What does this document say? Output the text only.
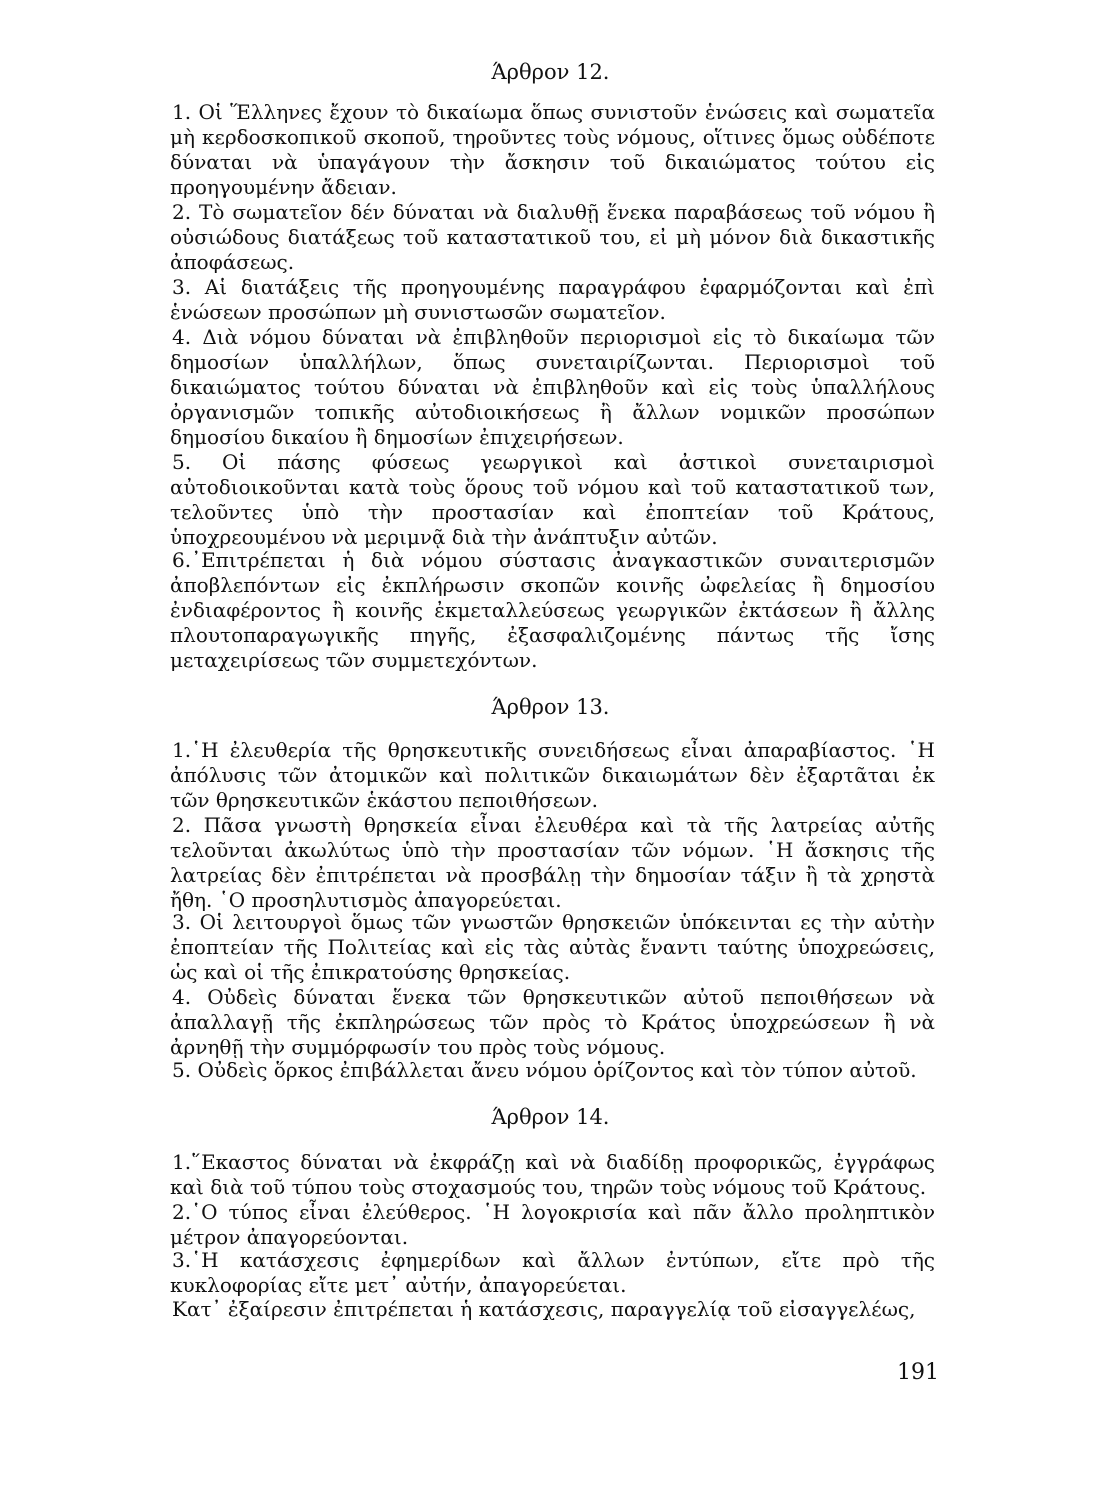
Άρθρον 12.

1. Οἱ Ἕλληνες ἔχουν τὸ δικαίωμα ὅπως συνιστοῦν ἑνώσεις καὶ σωματεῖα μὴ κερδοσκοπικοῦ σκοποῦ, τηροῦντες τοὺς νόμους, οἵτινες ὅμως οὐδέποτε δύναται νὰ ὑπαγάγουν τὴν ἄσκησιν τοῦ δικαιώματος τούτου εἰς προηγουμένην ἄδειαν.

2. Τὸ σωματεῖον δέν δύναται νὰ διαλυθῇ ἕνεκα παραβάσεως τοῦ νόμου ἢ οὐσιώδους διατάξεως τοῦ καταστατικοῦ του, εἰ μὴ μόνον διὰ δικαστικῆς ἀποφάσεως.

3. Αἱ διατάξεις τῆς προηγουμένης παραγράφου ἐφαρμόζονται καὶ ἐπὶ ἑνώσεων προσώπων μὴ συνιστωσῶν σωματεῖον.

4. Διὰ νόμου δύναται νὰ ἐπιβληθοῦν περιορισμοὶ εἰς τὸ δικαίωμα τῶν δημοσίων ὑπαλλήλων, ὅπως συνεταιρίζωνται. Περιορισμοὶ τοῦ δικαιώματος τούτου δύναται νὰ ἐπιβληθοῦν καὶ εἰς τοὺς ὑπαλλήλους ὀργανισμῶν τοπικῆς αὐτοδιοικήσεως ἢ ἄλλων νομικῶν προσώπων δημοσίου δικαίου ἢ δημοσίων ἐπιχειρήσεων.

5. Οἱ πάσης φύσεως γεωργικοὶ καὶ ἀστικοὶ συνεταιρισμοὶ αὐτοδιοικοῦνται κατὰ τοὺς ὅρους τοῦ νόμου καὶ τοῦ καταστατικοῦ των, τελοῦντες ὑπὸ τὴν προστασίαν καὶ ἐποπτείαν τοῦ Κράτους, ὑποχρεουμένου νὰ μεριμνᾷ διὰ τὴν ἀνάπτυξιν αὐτῶν.

6.᾿Επιτρέπεται ἡ διὰ νόμου σύστασις ἀναγκαστικῶν συναιτερισμῶν ἀποβλεπόντων εἰς ἐκπλήρωσιν σκοπῶν κοινῆς ὠφελείας ἢ δημοσίου ἐνδιαφέροντος ἢ κοινῆς ἐκμεταλλεύσεως γεωργικῶν ἐκτάσεων ἢ ἄλλης πλουτοπαραγωγικῆς πηγῆς, ἐξασφαλιζομένης πάντως τῆς ἴσης μεταχειρίσεως τῶν συμμετεχόντων.

Άρθρον 13.

1.῾Η ἐλευθερία τῆς θρησκευτικῆς συνειδήσεως εἶναι ἀπαραβίαστος. ῾Η ἀπόλυσις τῶν ἀτομικῶν καὶ πολιτικῶν δικαιωμάτων δὲν ἐξαρτᾶται ἐκ τῶν θρησκευτικῶν ἑκάστου πεποιθήσεων.

2. Πᾶσα γνωστὴ θρησκεία εἶναι ἐλευθέρα καὶ τὰ τῆς λατρείας αὐτῆς τελοῦνται ἀκωλύτως ὑπὸ τὴν προστασίαν τῶν νόμων. ῾Η ἄσκησις τῆς λατρείας δὲν ἐπιτρέπεται νὰ προσβάλῃ τὴν δημοσίαν τάξιν ἢ τὰ χρηστὰ ἤθη. ῾Ο προσηλυτισμὸς ἀπαγορεύεται.

3. Οἱ λειτουργοὶ ὅμως τῶν γνωστῶν θρησκειῶν ὑπόκεινται ες τὴν αὐτὴν ἐποπτείαν τῆς Πολιτείας καὶ εἰς τὰς αὐτὰς ἔναντι ταύτης ὑποχρεώσεις, ὡς καὶ οἱ τῆς ἐπικρατούσης θρησκείας.

4. Οὐδεὶς δύναται ἕνεκα τῶν θρησκευτικῶν αὐτοῦ πεποιθήσεων νὰ ἀπαλλαγῇ τῆς ἐκπληρώσεως τῶν πρὸς τὸ Κράτος ὑποχρεώσεων ἢ νὰ ἀρνηθῇ τὴν συμμόρφωσίν του πρὸς τοὺς νόμους.

5. Οὐδεὶς ὅρκος ἐπιβάλλεται ἄνευ νόμου ὁρίζοντος καὶ τὸν τύπον αὐτοῦ.

Άρθρον 14.

1.῞Εκαστος δύναται νὰ ἐκφράζῃ καὶ νὰ διαδίδῃ προφορικῶς, ἐγγράφως καὶ διὰ τοῦ τύπου τοὺς στοχασμούς του, τηρῶν τοὺς νόμους τοῦ Κράτους.

2.῾Ο τύπος εἶναι ἐλεύθερος. ῾Η λογοκρισία καὶ πᾶν ἄλλο προληπτικὸν μέτρον ἀπαγορεύονται.

3.῾Η κατάσχεσις ἐφημερίδων καὶ ἄλλων ἐντύπων, εἴτε πρὸ τῆς κυκλοφορίας εἴτε μετ᾿ αὐτήν, ἀπαγορεύεται.

Κατ᾿ ἐξαίρεσιν ἐπιτρέπεται ἡ κατάσχεσις, παραγγελίᾳ τοῦ εἰσαγγελέως,

191
